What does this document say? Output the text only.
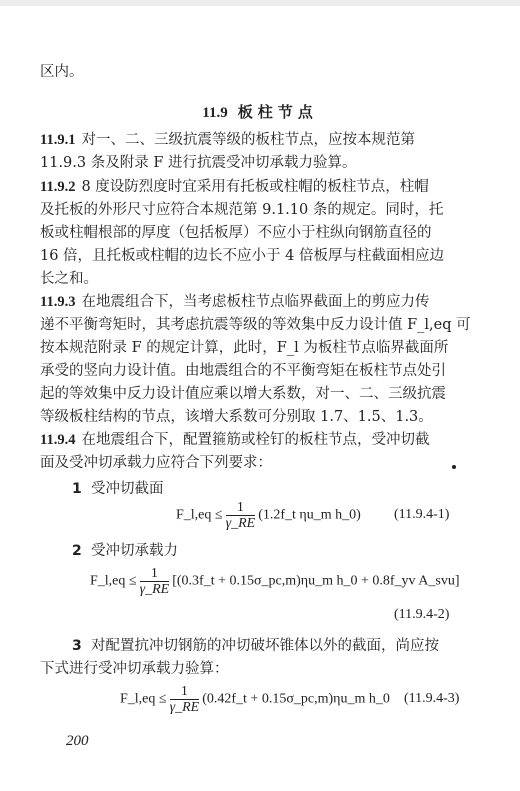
区内。
11.9 板柱节点
11.9.1 对一、二、三级抗震等级的板柱节点，应按本规范第
11.9.3 条及附录 F 进行抗震受冲切承载力验算。
11.9.2 8 度设防烈度时宜采用有托板或柱帽的板柱节点，柱帽
及托板的外形尺寸应符合本规范第 9.1.10 条的规定。同时，托
板或柱帽根部的厚度（包括板厚）不应小于柱纵向钢筋直径的
16 倍，且托板或柱帽的边长不应小于 4 倍板厚与柱截面相应边
长之和。
11.9.3 在地震组合下，当考虑板柱节点临界截面上的剪应力传
递不平衡弯矩时，其考虑抗震等级的等效集中反力设计值 F_l,eq 可
按本规范附录 F 的规定计算，此时，F_l 为板柱节点临界截面所
承受的竖向力设计值。由地震组合的不平衡弯矩在板柱节点处引
起的等效集中反力设计值应乘以增大系数，对一、二、三级抗震
等级板柱结构的节点，该增大系数可分别取 1.7、1.5、1.3。
11.9.4 在地震组合下，配置箍筋或栓钉的板柱节点，受冲切截
面及受冲切承载力应符合下列要求：
1 受冲切截面
F_l,eq ≤ $\frac{1}{\gamma\_RE}$ (1.2f_t ηu_m h_0) (11.9.4-1)
2 受冲切承载力
F_l,eq ≤ $\frac{1}{\gamma\_RE}$ [(0.3f_t + 0.15σ_pc,m)ηu_m h_0 + 0.8f_yv A_svu]
(11.9.4-2)
3 对配置抗冲切钢筋的冲切破坏锥体以外的截面，尚应按
下式进行受冲切承载力验算：
F_l,eq ≤ $\frac{1}{\gamma\_RE}$ (0.42f_t + 0.15σ_pc,m)ηu_m h_0 (11.9.4-3)
200
